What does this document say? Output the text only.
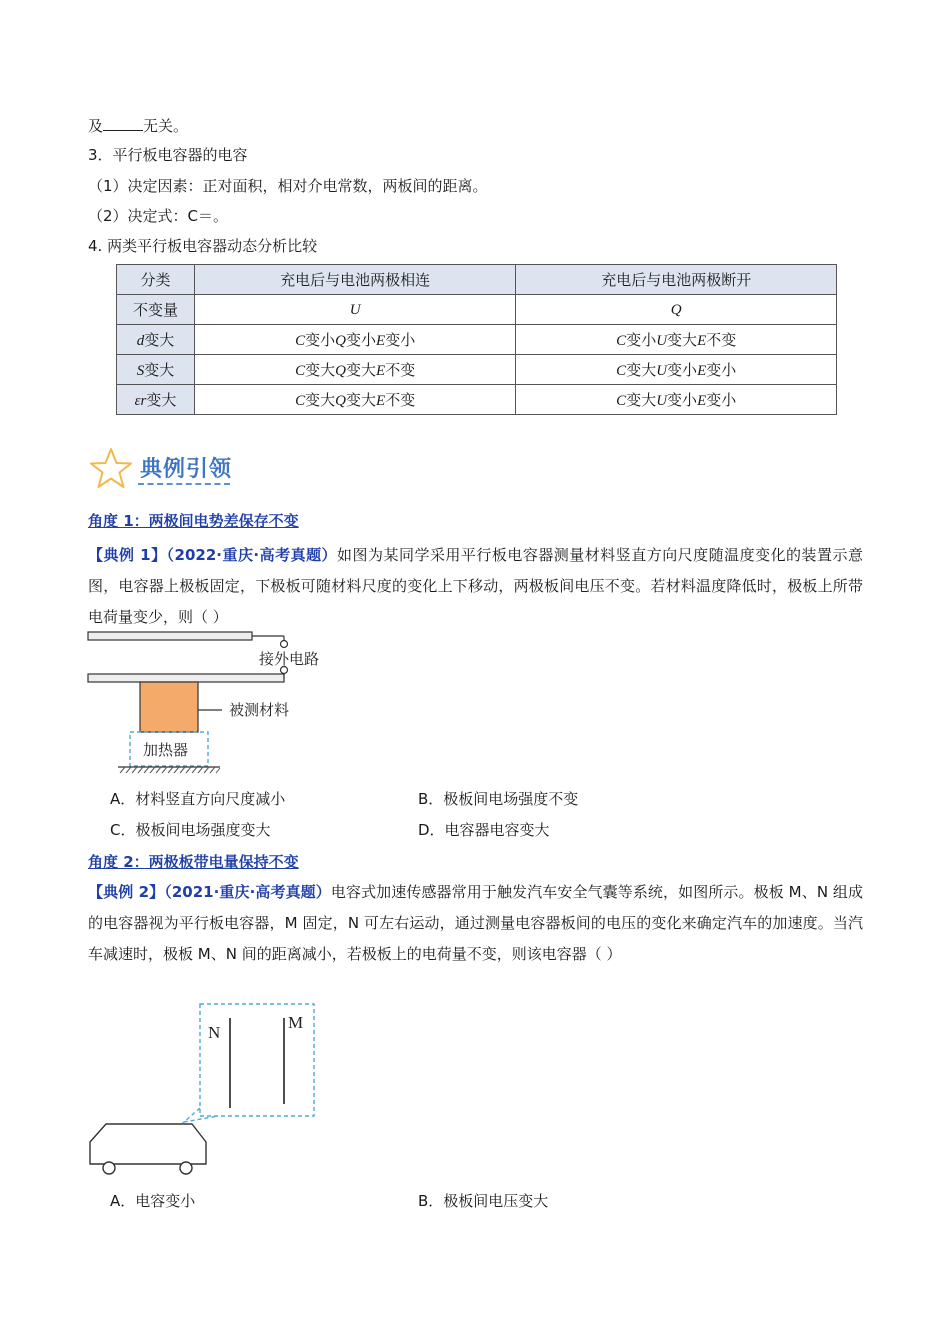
及	无关。
3．平行板电容器的电容
（1）决定因素：正对面积，相对介电常数，两板间的距离。
（2）决定式：C＝。
4. 两类平行板电容器动态分析比较
分类	充电后与电池两极相连	充电后与电池两极断开
不变量	U	Q
d变大	C变小Q变小E变小	C变小U变大E不变
S变大	C变大Q变大E不变	C变大U变小E变小
εr变大	C变大Q变大E不变	C变大U变小E变小
典例引领
角度 1：两极间电势差保存不变
【典例 1】（2022·重庆·高考真题）如图为某同学采用平行板电容器测量材料竖直方向尺度随温度变化的装置示意图，电容器上极板固定，下极板可随材料尺度的变化上下移动，两极板间电压不变。若材料温度降低时，极板上所带电荷量变少，则（ ）
接外电路
被测材料
加热器
A．材料竖直方向尺度减小	B．极板间电场强度不变
C．极板间电场强度变大	D．电容器电容变大
角度 2：两极板带电量保持不变
【典例 2】（2021·重庆·高考真题）电容式加速传感器常用于触发汽车安全气囊等系统，如图所示。极板 M、N 组成的电容器视为平行板电容器，M 固定，N 可左右运动，通过测量电容器板间的电压的变化来确定汽车的加速度。当汽车减速时，极板 M、N 间的距离减小，若极板上的电荷量不变，则该电容器（ ）
N
M
A．电容变小	B．极板间电压变大
